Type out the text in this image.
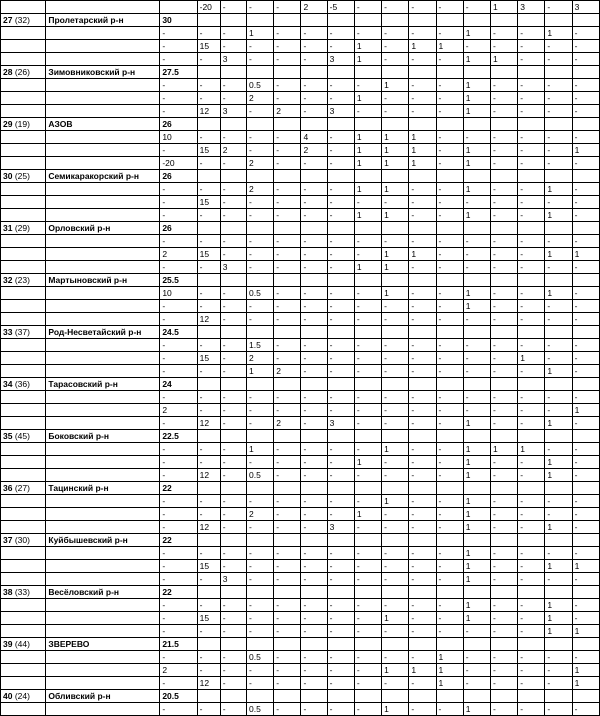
			-20	-	-	-	2	-5	-	-	-	-	-	1	3	-	3
27 (32)	Пролетарский р-н	30															
		-	-	-	1	-	-	-	-	-	-	-	1	-	-	1	-
		-	15	-	-	-	-	-	1	-	1	1	-	-	-	-	-
		-	-	3	-	-	-	3	1	-	-	-	1	1	-	-	-
28 (26)	Зимовниковский р-н	27.5															
		-	-	-	0.5	-	-	-	-	1	-	-	1	-	-	-	-
		-	-	-	2	-	-	-	1	-	-	-	1	-	-	-	-
		-	12	3	-	2	-	3	-	-	-	-	1	-	-	-	-
29 (19)	АЗОВ	26															
		10	-	-	-	-	4	-	1	1	1	-	-	-	-	-	-
		-	15	2	-	-	2	-	1	1	1	-	1	-	-	-	1
		-20	-	-	2	-	-	-	1	1	1	-	1	-	-	-	-
30 (25)	Семикаракорский р-н	26															
		-	-	-	2	-	-	-	1	1	-	-	1	-	-	1	-
		-	15	-	-	-	-	-	-	-	-	-	-	-	-	-	-
		-	-	-	-	-	-	-	1	1	-	-	1	-	-	1	-
31 (29)	Орловский р-н	26															
		-	-	-	-	-	-	-	-	-	-	-	-	-	-	-	-
		2	15	-	-	-	-	-	-	1	1	-	-	-	-	1	1
		-	-	3	-	-	-	-	1	1	-	-	-	-	-	-	-
32 (23)	Мартыновский р-н	25.5															
		10	-	-	0.5	-	-	-	-	1	-	-	1	-	-	1	-
		-	-	-	-	-	-	-	-	-	-	-	1	-	-	-	-
		-	12	-	-	-	-	-	-	-	-	-	-	-	-	-	-
33 (37)	Род-Несветайский р-н	24.5															
		-	-	-	1.5	-	-	-	-	-	-	-	-	-	-	-	-
		-	15	-	2	-	-	-	-	-	-	-	-	-	1	-	-
		-	-	-	1	2	-	-	-	-	-	-	-	-	-	1	-
34 (36)	Тарасовский р-н	24															
		-	-	-	-	-	-	-	-	-	-	-	-	-	-	-	-
		2	-	-	-	-	-	-	-	-	-	-	-	-	-	-	1
		-	12	-	-	2	-	3	-	-	-	-	1	-	-	1	-
35 (45)	Боковский р-н	22.5															
		-	-	-	1	-	-	-	-	1	-	-	1	1	1	-	-
		-	-	-	-	-	-	-	1	-	-	-	1	-	-	1	-
		-	12	-	0.5	-	-	-	-	-	-	-	1	-	-	1	-
36 (27)	Тацинский р-н	22															
		-	-	-	-	-	-	-	-	1	-	-	1	-	-	-	-
		-	-	-	2	-	-	-	1	-	-	-	1	-	-	-	-
		-	12	-	-	-	-	3	-	-	-	-	1	-	-	1	-
37 (30)	Куйбышевский р-н	22															
		-	-	-	-	-	-	-	-	-	-	-	1	-	-	-	-
		-	15	-	-	-	-	-	-	-	-	-	1	-	-	1	1
		-	-	3	-	-	-	-	-	-	-	-	1	-	-	-	-
38 (33)	Весёловский р-н	22															
		-	-	-	-	-	-	-	-	-	-	-	1	-	-	1	-
		-	15	-	-	-	-	-	-	1	-	-	1	-	-	1	-
		-	-	-	-	-	-	-	-	-	-	-	-	-	-	1	1
39 (44)	ЗВЕРЕВО	21.5															
		-	-	-	0.5	-	-	-	-	-	-	1	-	-	-	-	-
		2	-	-	-	-	-	-	-	1	1	1	-	-	-	-	1
		-	12	-	-	-	-	-	-	-	-	1	-	-	-	-	1
40 (24)	Обливский р-н	20.5															
		-	-	-	0.5	-	-	-	-	1	-	-	1	-	-	-	-
